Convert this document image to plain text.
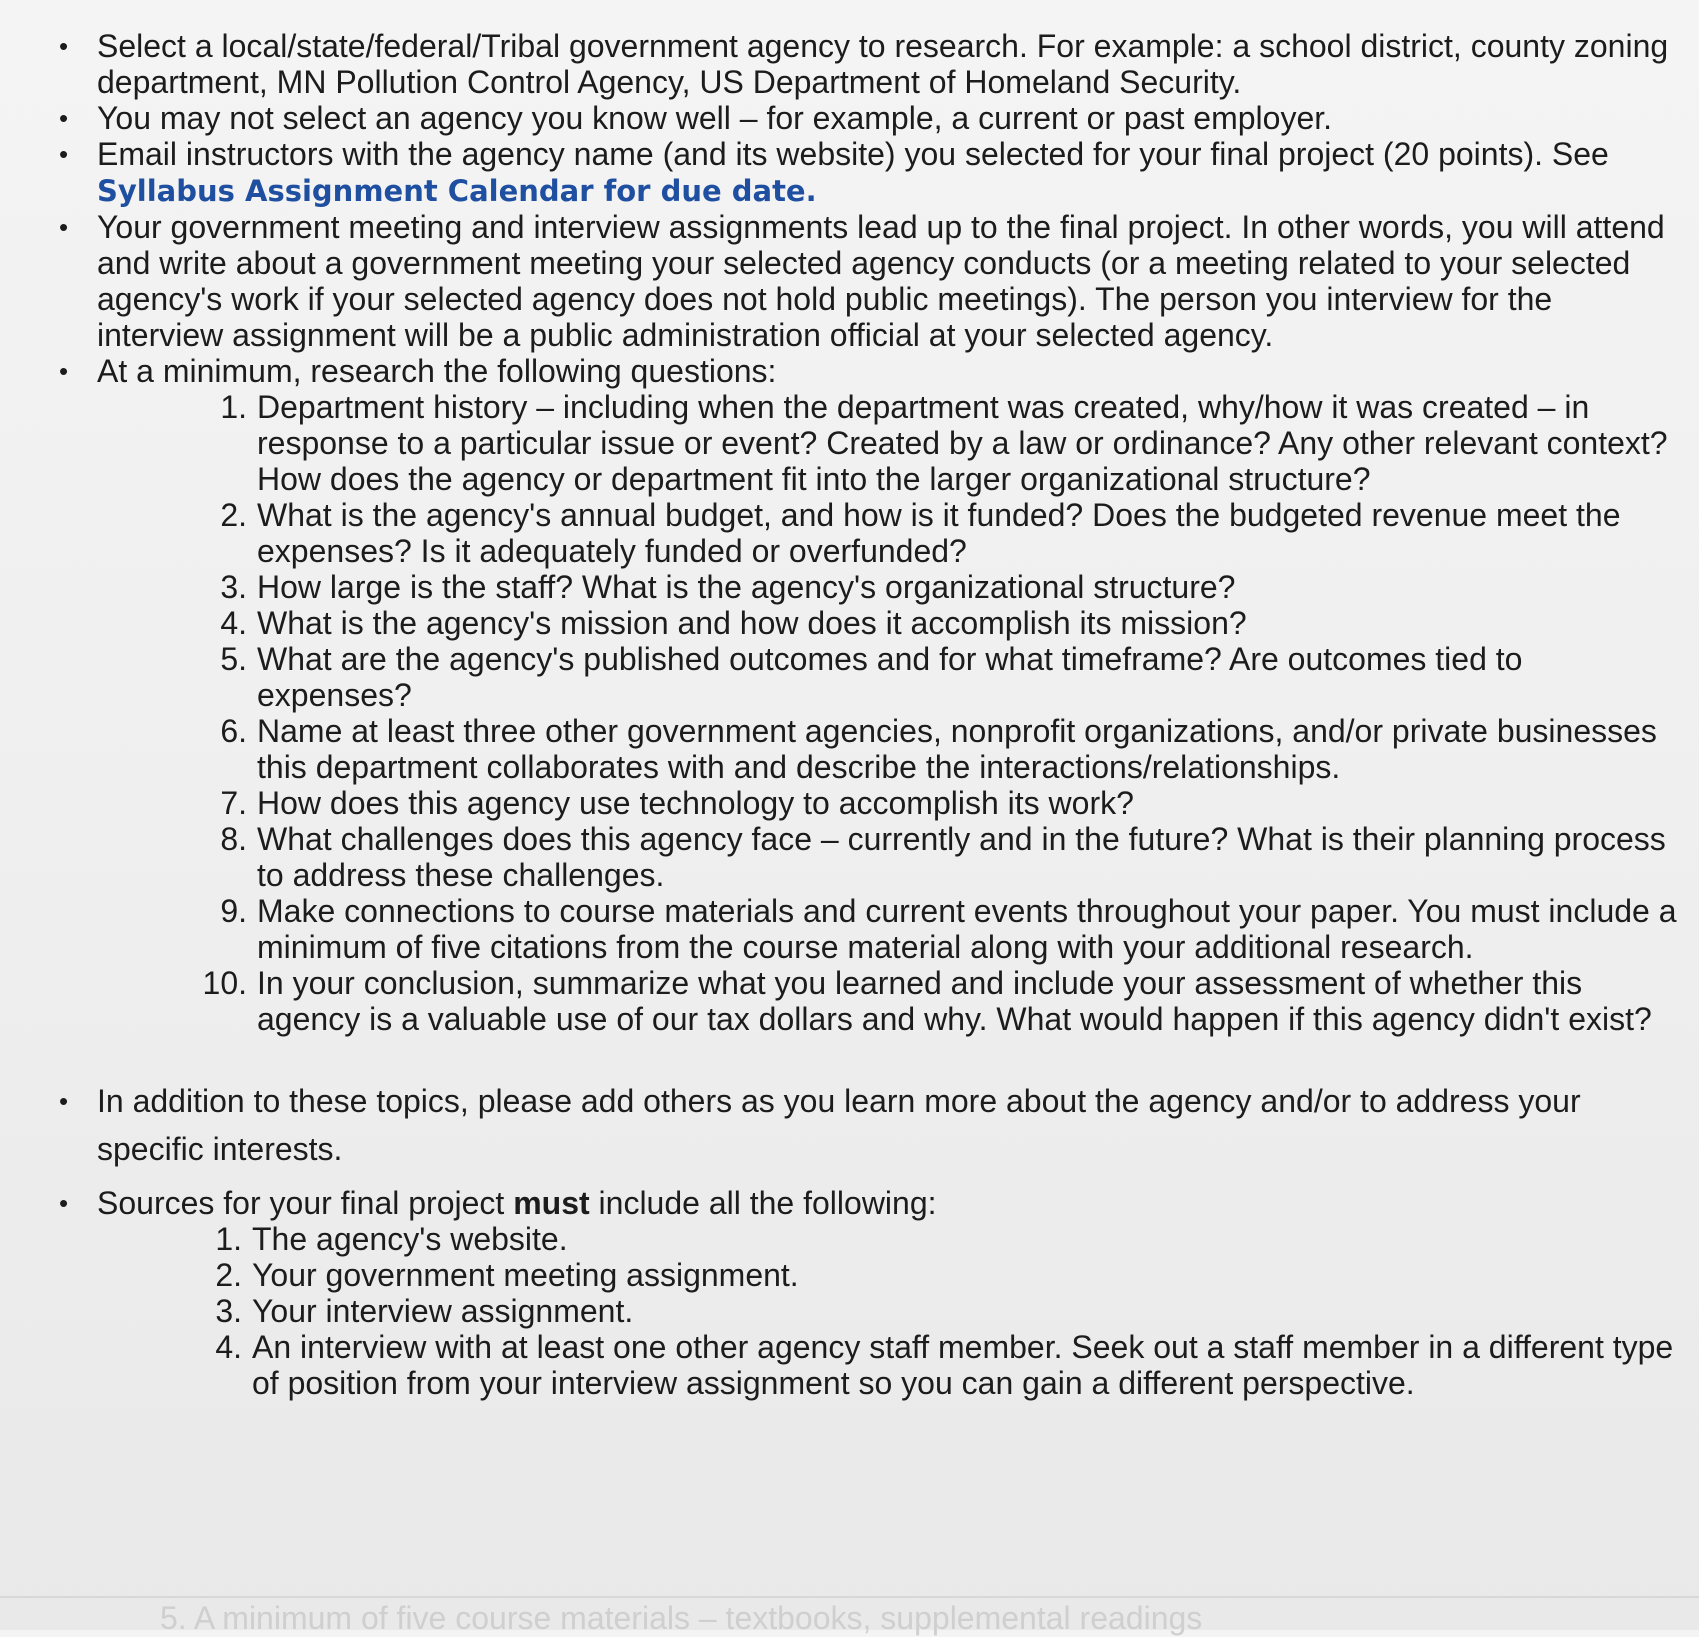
• Select a local/state/federal/Tribal government agency to research. For example: a school district, county zoning department, MN Pollution Control Agency, US Department of Homeland Security.
• You may not select an agency you know well – for example, a current or past employer.
• Email instructors with the agency name (and its website) you selected for your final project (20 points). See Syllabus Assignment Calendar for due date.
• Your government meeting and interview assignments lead up to the final project. In other words, you will attend and write about a government meeting your selected agency conducts (or a meeting related to your selected agency's work if your selected agency does not hold public meetings). The person you interview for the interview assignment will be a public administration official at your selected agency.
• At a minimum, research the following questions:
1. Department history – including when the department was created, why/how it was created – in response to a particular issue or event? Created by a law or ordinance? Any other relevant context? How does the agency or department fit into the larger organizational structure?
2. What is the agency's annual budget, and how is it funded? Does the budgeted revenue meet the expenses? Is it adequately funded or overfunded?
3. How large is the staff? What is the agency's organizational structure?
4. What is the agency's mission and how does it accomplish its mission?
5. What are the agency's published outcomes and for what timeframe? Are outcomes tied to expenses?
6. Name at least three other government agencies, nonprofit organizations, and/or private businesses this department collaborates with and describe the interactions/relationships.
7. How does this agency use technology to accomplish its work?
8. What challenges does this agency face – currently and in the future? What is their planning process to address these challenges.
9. Make connections to course materials and current events throughout your paper. You must include a minimum of five citations from the course material along with your additional research.
10. In your conclusion, summarize what you learned and include your assessment of whether this agency is a valuable use of our tax dollars and why. What would happen if this agency didn't exist?
• In addition to these topics, please add others as you learn more about the agency and/or to address your specific interests.
• Sources for your final project must include all the following:
1. The agency's website.
2. Your government meeting assignment.
3. Your interview assignment.
4. An interview with at least one other agency staff member. Seek out a staff member in a different type of position from your interview assignment so you can gain a different perspective.
5. A minimum of five course materials – textbooks, supplemental readings
